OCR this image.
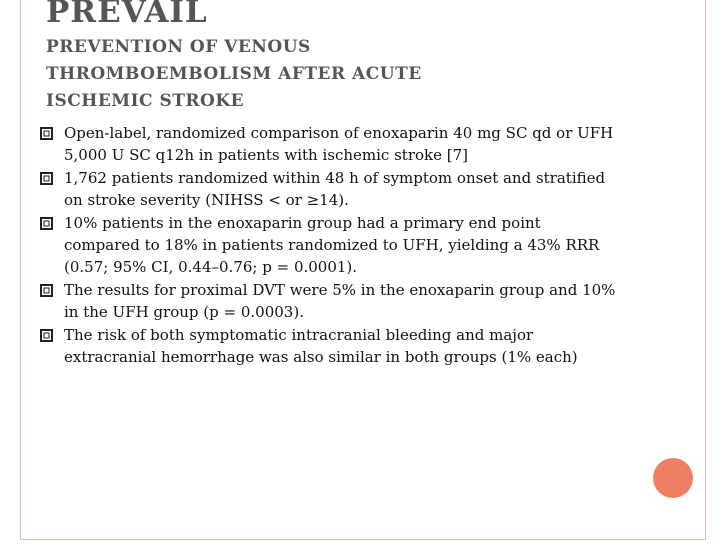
PREVAIL
PREVENTION OF VENOUS
THROMBOEMBOLISM AFTER ACUTE
ISCHEMIC STROKE
Open-label, randomized comparison of enoxaparin 40 mg SC qd or UFH 5,000 U SC q12h in patients with ischemic stroke [7]
1,762 patients randomized within 48 h of symptom onset and stratified on stroke severity (NIHSS < or ≥14).
10% patients in the enoxaparin group had a primary end point compared to 18% in patients randomized to UFH, yielding a 43% RRR (0.57; 95% CI, 0.44–0.76; p = 0.0001).
The results for proximal DVT were 5% in the enoxaparin group and 10% in the UFH group (p = 0.0003).
The risk of both symptomatic intracranial bleeding and major extracranial hemorrhage was also similar in both groups (1% each)
